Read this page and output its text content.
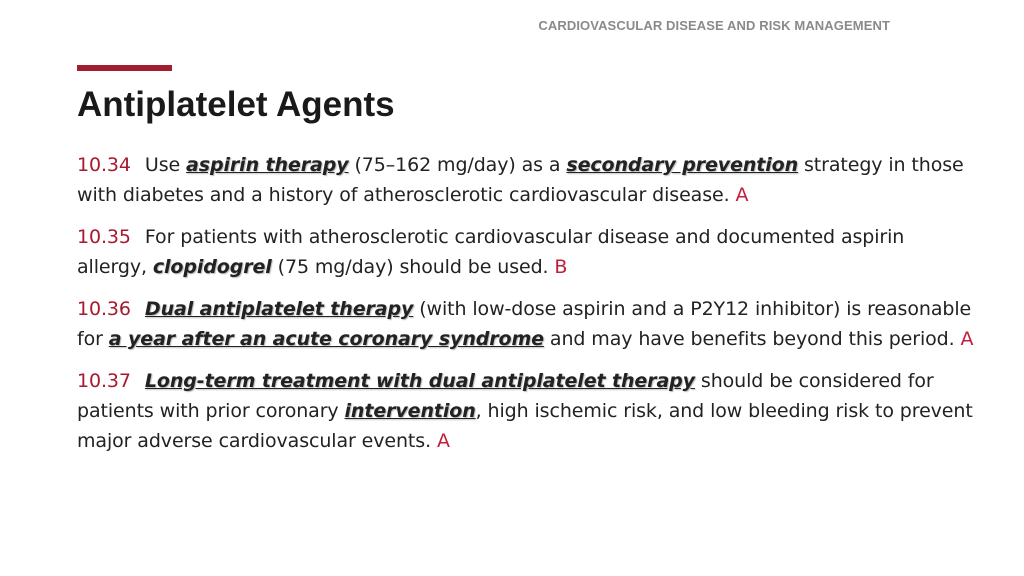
CARDIOVASCULAR DISEASE AND RISK MANAGEMENT
Antiplatelet Agents

10.34 Use aspirin therapy (75–162 mg/day) as a secondary prevention strategy in those with diabetes and a history of atherosclerotic cardiovascular disease. A

10.35 For patients with atherosclerotic cardiovascular disease and documented aspirin allergy, clopidogrel (75 mg/day) should be used. B

10.36 Dual antiplatelet therapy (with low-dose aspirin and a P2Y12 inhibitor) is reasonable for a year after an acute coronary syndrome and may have benefits beyond this period. A

10.37 Long-term treatment with dual antiplatelet therapy should be considered for patients with prior coronary intervention, high ischemic risk, and low bleeding risk to prevent major adverse cardiovascular events. A
